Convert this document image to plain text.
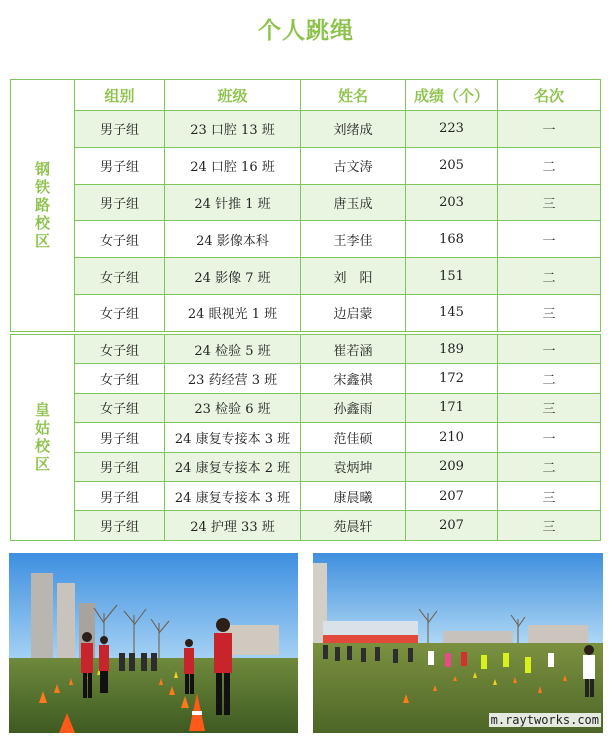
个人跳绳
钢
铁
路
校
区	组别	班级	姓名	成绩（个）	名次
	男子组	23 口腔 13 班	刘绪成	223	一
	男子组	24 口腔 16 班	古文涛	205	二
	男子组	24 针推 1 班	唐玉成	203	三
	女子组	24 影像本科	王李佳	168	一
	女子组	24 影像 7 班	刘　阳	151	二
	女子组	24 眼视光 1 班	边启蒙	145	三
皇
姑
校
区	女子组	24 检验 5 班	崔若涵	189	一
	女子组	23 药经营 3 班	宋鑫祺	172	二
	女子组	23 检验 6 班	孙鑫雨	171	三
	男子组	24 康复专接本 3 班	范佳硕	210	一
	男子组	24 康复专接本 2 班	袁炳坤	209	二
	男子组	24 康复专接本 3 班	康晨曦	207	三
	男子组	24 护理 33 班	苑晨轩	207	三
m.raytworks.com
